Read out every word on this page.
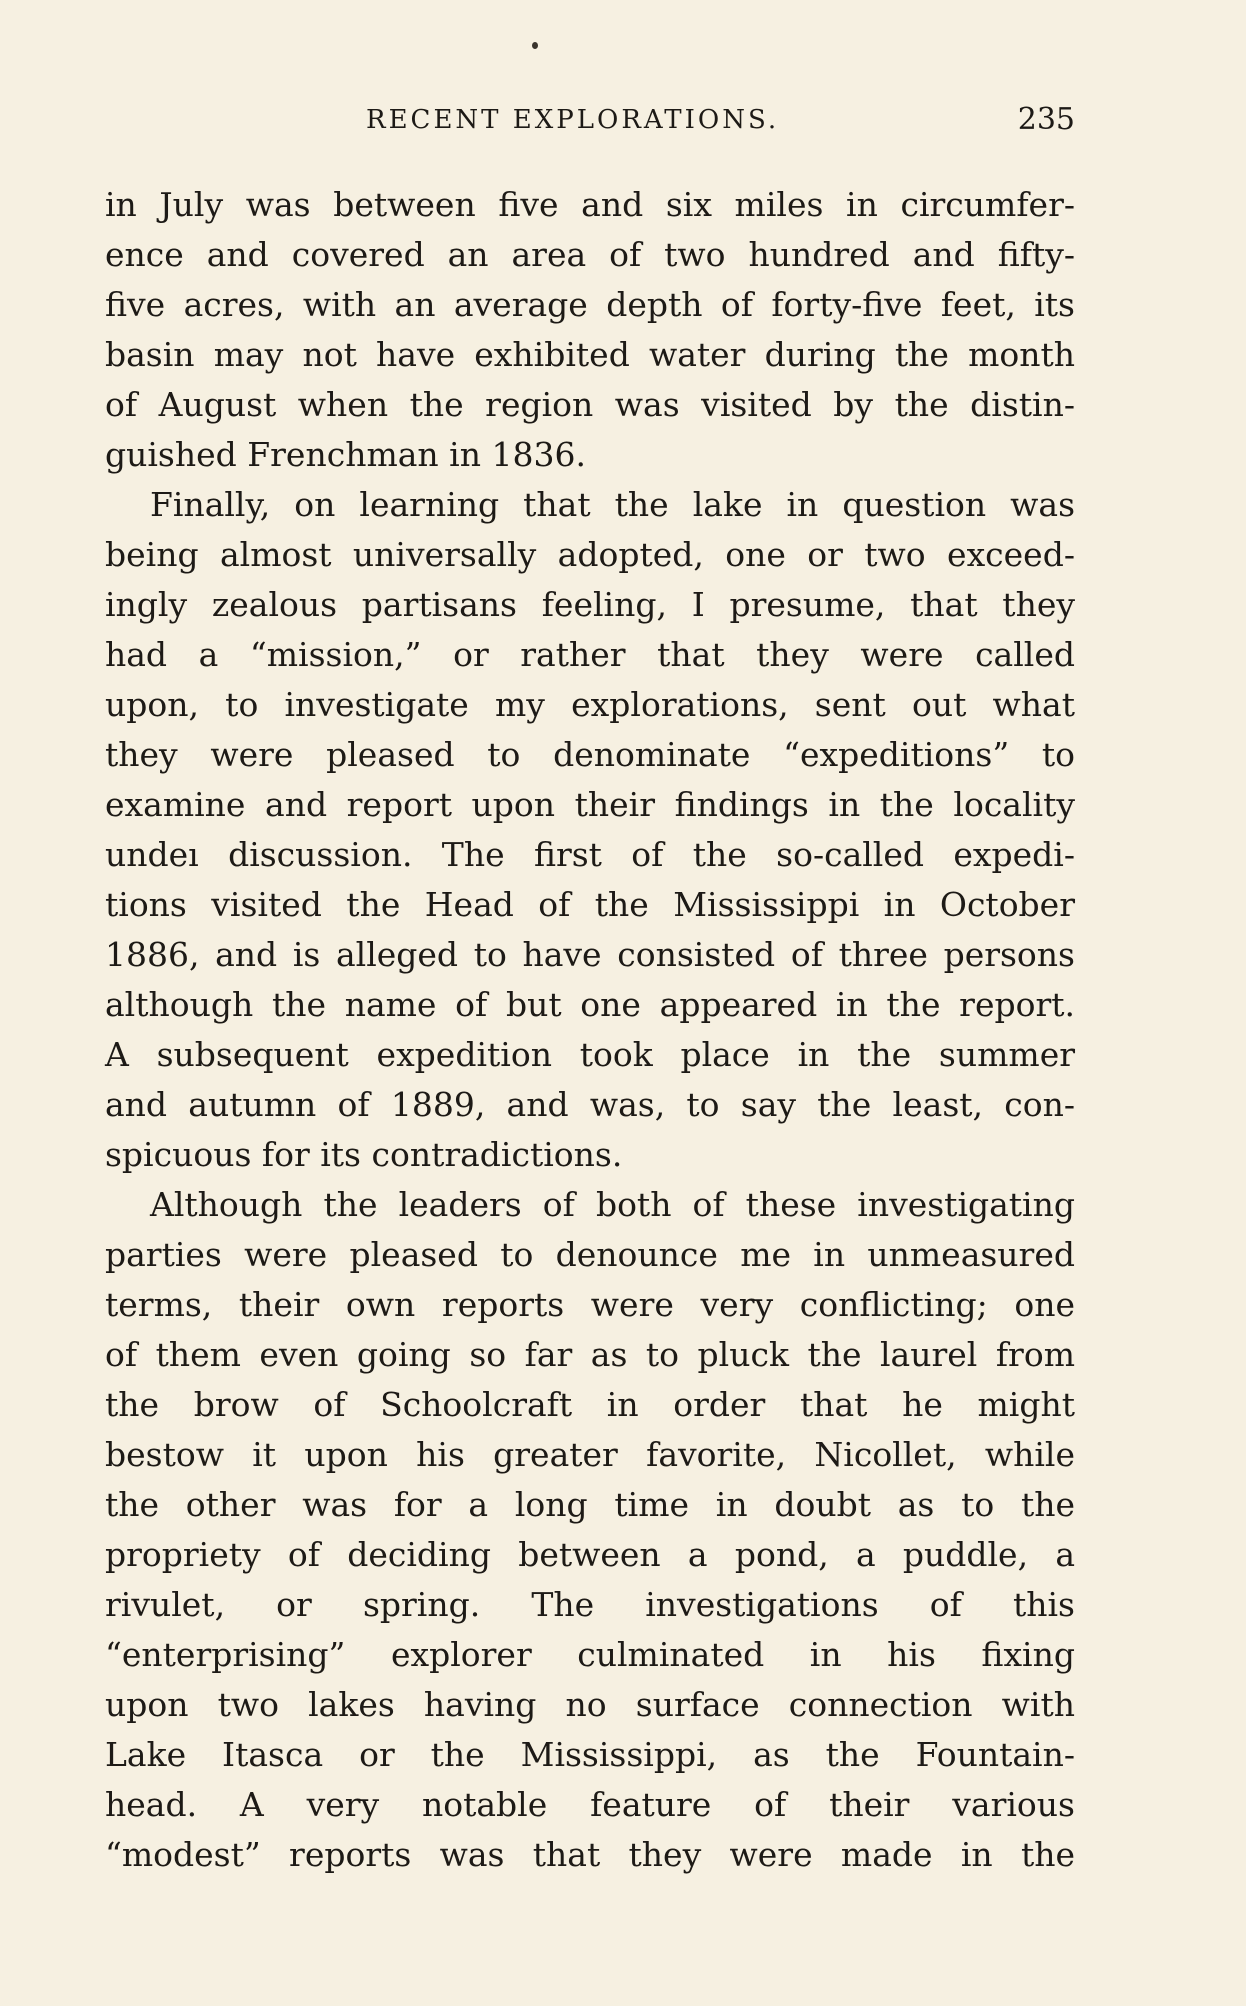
RECENT EXPLORATIONS.	235
in July was between five and six miles in circumfer-
ence and covered an area of two hundred and fifty-
five acres, with an average depth of forty-five feet, its
basin may not have exhibited water during the month
of August when the region was visited by the distin-
guished Frenchman in 1836.
Finally, on learning that the lake in question was
being almost universally adopted, one or two exceed-
ingly zealous partisans feeling, I presume, that they
had a “mission,” or rather that they were called
upon, to investigate my explorations, sent out what
they were pleased to denominate “expeditions” to
examine and report upon their findings in the locality
undeı discussion. The first of the so-called expedi-
tions visited the Head of the Mississippi in October
1886, and is alleged to have consisted of three persons
although the name of but one appeared in the report.
A subsequent expedition took place in the summer
and autumn of 1889, and was, to say the least, con-
spicuous for its contradictions.
Although the leaders of both of these investigating
parties were pleased to denounce me in unmeasured
terms, their own reports were very conflicting; one
of them even going so far as to pluck the laurel from
the brow of Schoolcraft in order that he might
bestow it upon his greater favorite, Nicollet, while
the other was for a long time in doubt as to the
propriety of deciding between a pond, a puddle, a
rivulet, or spring. The investigations of this
“enterprising” explorer culminated in his fixing
upon two lakes having no surface connection with
Lake Itasca or the Mississippi, as the Fountain-
head. A very notable feature of their various
“modest” reports was that they were made in the
